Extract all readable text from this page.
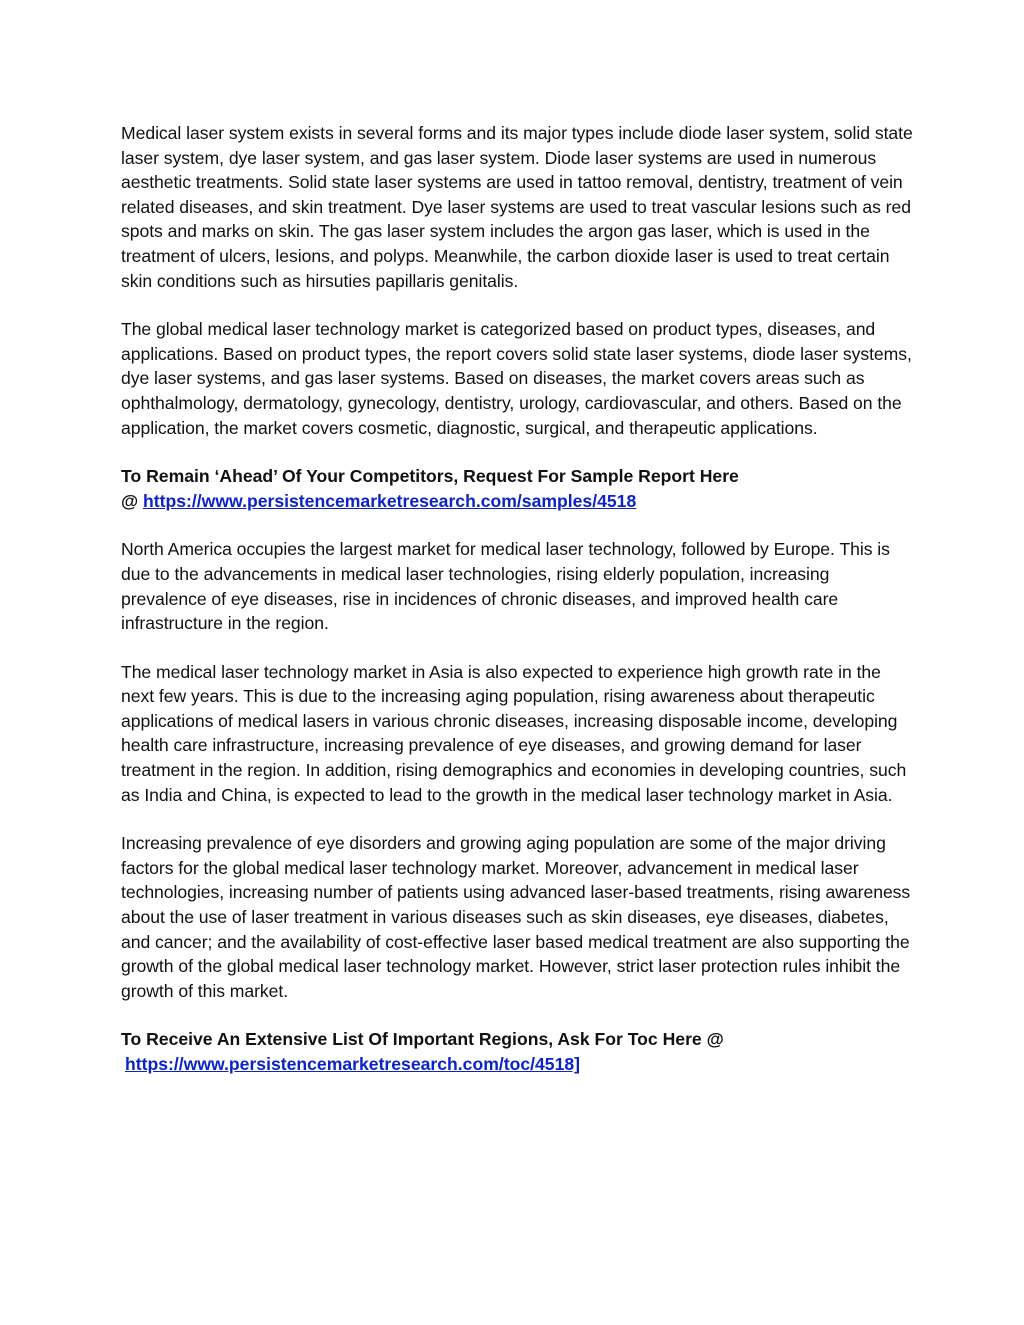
Medical laser system exists in several forms and its major types include diode laser system, solid state laser system, dye laser system, and gas laser system. Diode laser systems are used in numerous aesthetic treatments. Solid state laser systems are used in tattoo removal, dentistry, treatment of vein related diseases, and skin treatment. Dye laser systems are used to treat vascular lesions such as red spots and marks on skin. The gas laser system includes the argon gas laser, which is used in the treatment of ulcers, lesions, and polyps. Meanwhile, the carbon dioxide laser is used to treat certain skin conditions such as hirsuties papillaris genitalis.

The global medical laser technology market is categorized based on product types, diseases, and applications. Based on product types, the report covers solid state laser systems, diode laser systems, dye laser systems, and gas laser systems. Based on diseases, the market covers areas such as ophthalmology, dermatology, gynecology, dentistry, urology, cardiovascular, and others. Based on the application, the market covers cosmetic, diagnostic, surgical, and therapeutic applications.

To Remain ‘Ahead’ Of Your Competitors, Request For Sample Report Here
@ https://www.persistencemarketresearch.com/samples/4518

North America occupies the largest market for medical laser technology, followed by Europe. This is due to the advancements in medical laser technologies, rising elderly population, increasing prevalence of eye diseases, rise in incidences of chronic diseases, and improved health care infrastructure in the region.

The medical laser technology market in Asia is also expected to experience high growth rate in the next few years. This is due to the increasing aging population, rising awareness about therapeutic applications of medical lasers in various chronic diseases, increasing disposable income, developing health care infrastructure, increasing prevalence of eye diseases, and growing demand for laser treatment in the region. In addition, rising demographics and economies in developing countries, such as India and China, is expected to lead to the growth in the medical laser technology market in Asia.

Increasing prevalence of eye disorders and growing aging population are some of the major driving factors for the global medical laser technology market. Moreover, advancement in medical laser technologies, increasing number of patients using advanced laser-based treatments, rising awareness about the use of laser treatment in various diseases such as skin diseases, eye diseases, diabetes, and cancer; and the availability of cost-effective laser based medical treatment are also supporting the growth of the global medical laser technology market. However, strict laser protection rules inhibit the growth of this market.

To Receive An Extensive List Of Important Regions, Ask For Toc Here @
https://www.persistencemarketresearch.com/toc/4518]
